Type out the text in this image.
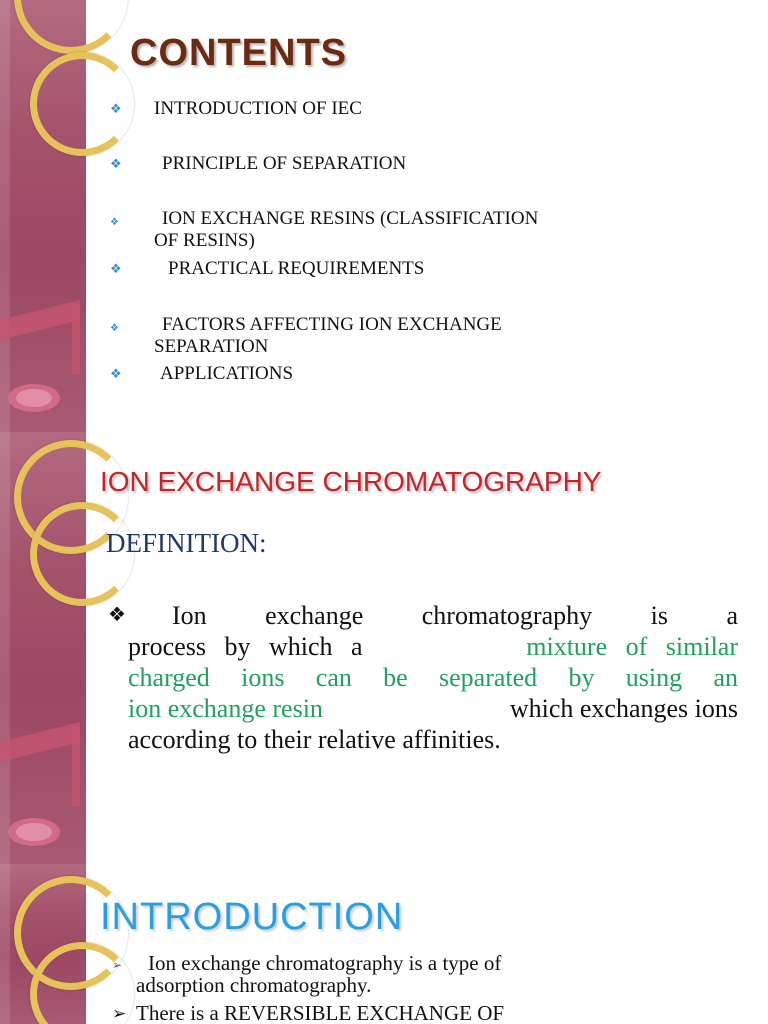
CONTENTS
❖	INTRODUCTION OF IEC
❖	PRINCIPLE OF SEPARATION
❖	ION EXCHANGE RESINS (CLASSIFICATION
OF RESINS)
❖	PRACTICAL REQUIREMENTS
❖	FACTORS AFFECTING ION EXCHANGE
SEPARATION
❖	APPLICATIONS
ION EXCHANGE CHROMATOGRAPHY
DEFINITION:
❖	Ion exchange chromatography is a
process by which a	mixture of similar
charged ions can be separated by using an
ion exchange resin	which exchanges ions
according to their relative affinities.
INTRODUCTION
➢ Ion exchange chromatography is a type of
adsorption chromatography.
➢ There is a REVERSIBLE EXCHANGE OF
